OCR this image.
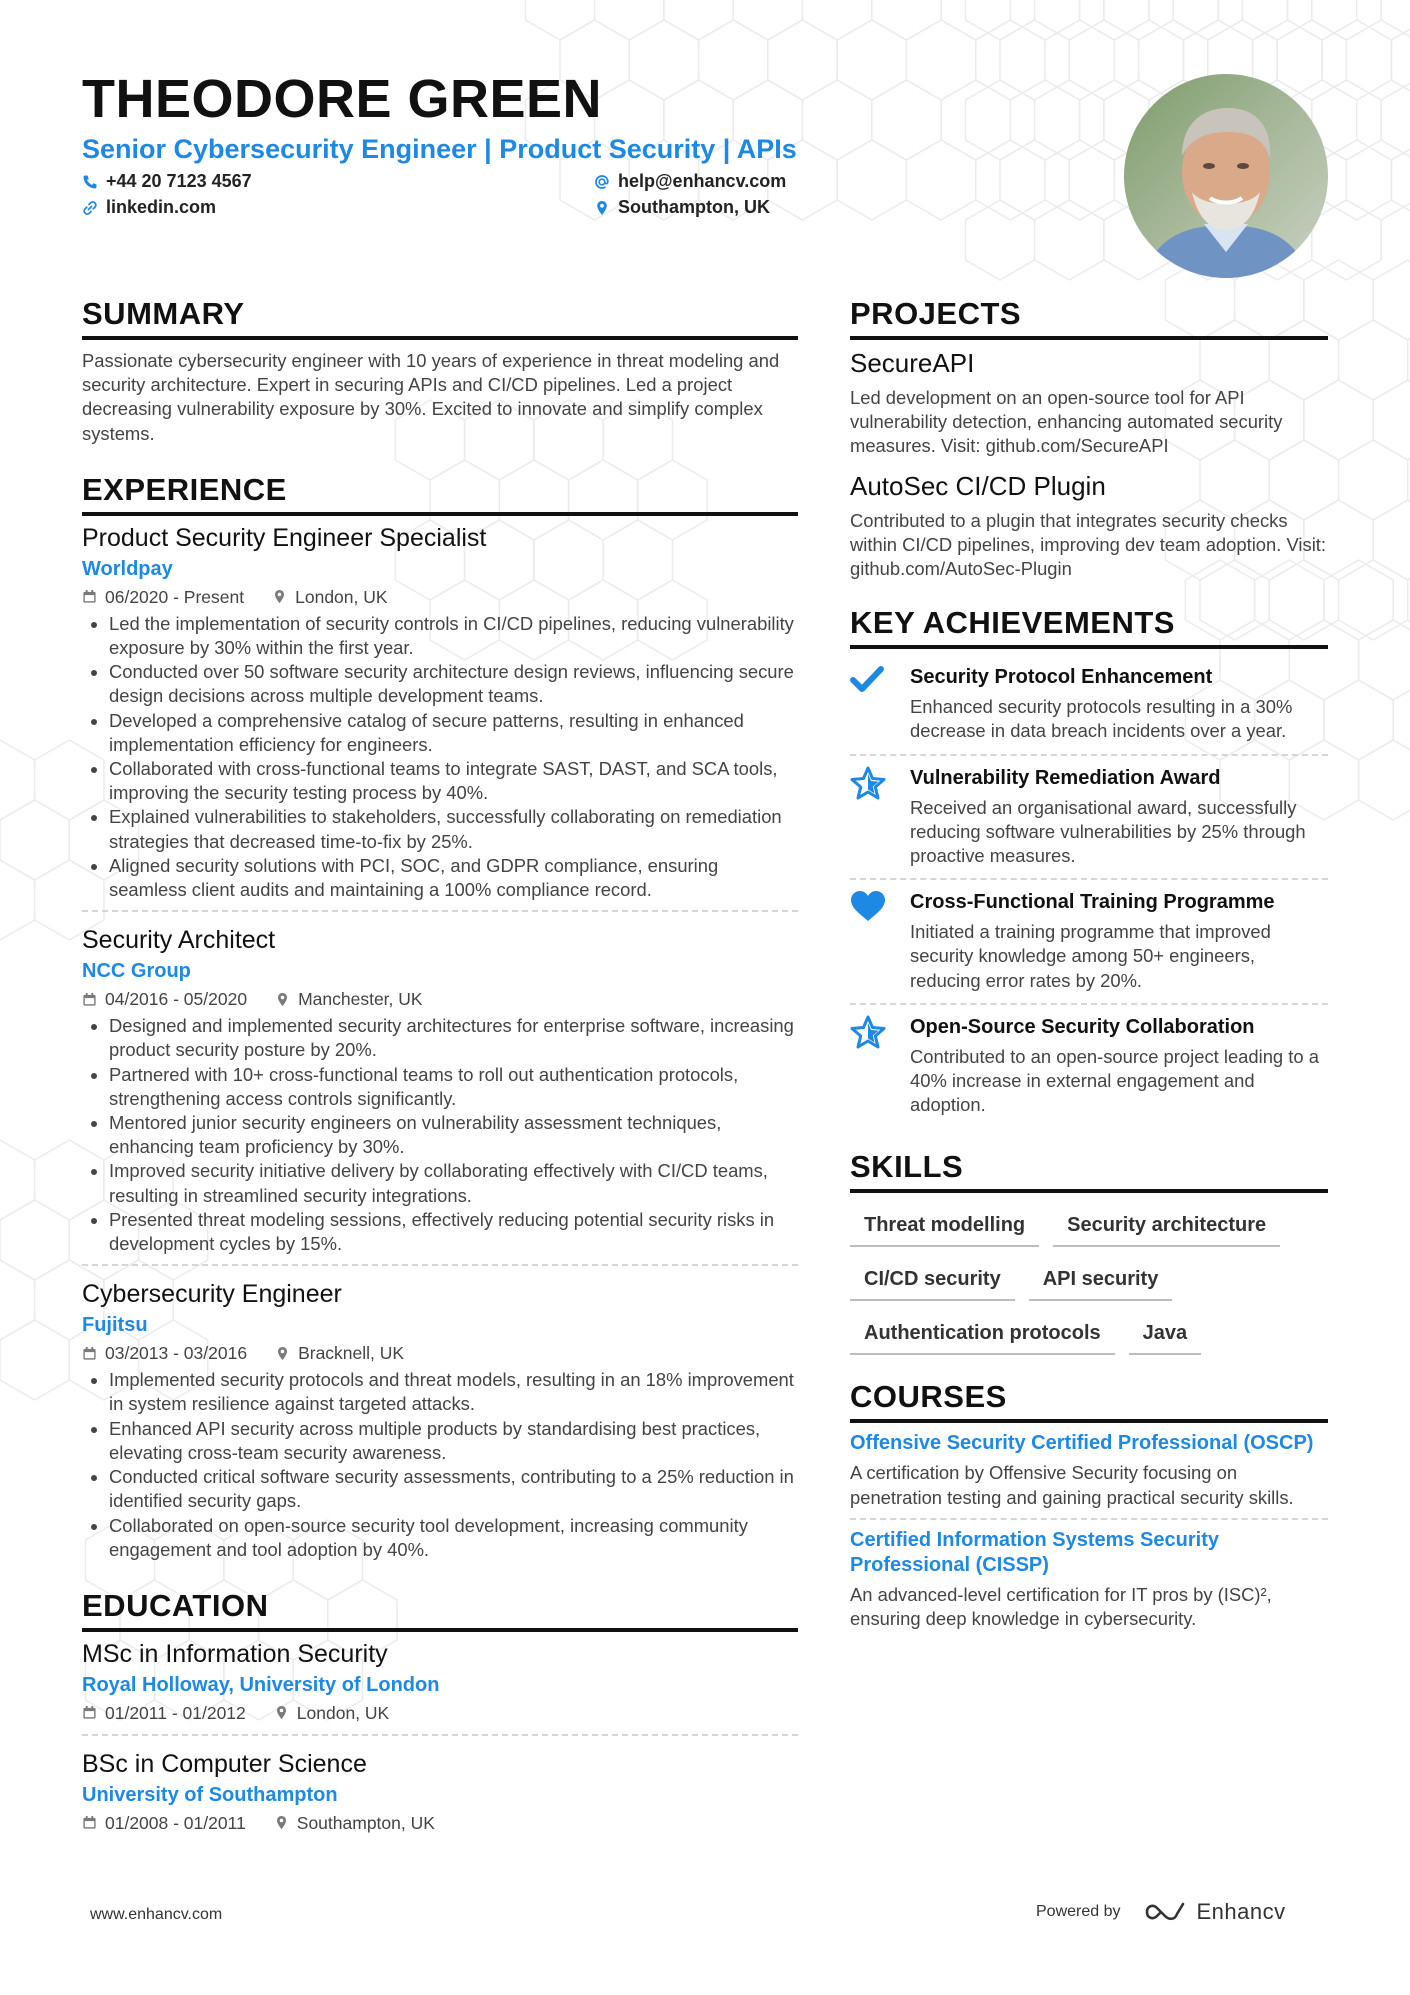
THEODORE GREEN
Senior Cybersecurity Engineer | Product Security | APIs
+44 20 7123 4567
linkedin.com
help@enhancv.com
Southampton, UK
SUMMARY

Passionate cybersecurity engineer with 10 years of experience in threat modeling and security architecture. Expert in securing APIs and CI/CD pipelines. Led a project decreasing vulnerability exposure by 30%. Excited to innovate and simplify complex systems.

EXPERIENCE
Product Security Engineer Specialist
Worldpay
06/2020 - Present	London, UK
• Led the implementation of security controls in CI/CD pipelines, reducing vulnerability exposure by 30% within the first year.
• Conducted over 50 software security architecture design reviews, influencing secure design decisions across multiple development teams.
• Developed a comprehensive catalog of secure patterns, resulting in enhanced implementation efficiency for engineers.
• Collaborated with cross-functional teams to integrate SAST, DAST, and SCA tools, improving the security testing process by 40%.
• Explained vulnerabilities to stakeholders, successfully collaborating on remediation strategies that decreased time-to-fix by 25%.
• Aligned security solutions with PCI, SOC, and GDPR compliance, ensuring seamless client audits and maintaining a 100% compliance record.
Security Architect
NCC Group
04/2016 - 05/2020	Manchester, UK
• Designed and implemented security architectures for enterprise software, increasing product security posture by 20%.
• Partnered with 10+ cross-functional teams to roll out authentication protocols, strengthening access controls significantly.
• Mentored junior security engineers on vulnerability assessment techniques, enhancing team proficiency by 30%.
• Improved security initiative delivery by collaborating effectively with CI/CD teams, resulting in streamlined security integrations.
• Presented threat modeling sessions, effectively reducing potential security risks in development cycles by 15%.
Cybersecurity Engineer
Fujitsu
03/2013 - 03/2016	Bracknell, UK
• Implemented security protocols and threat models, resulting in an 18% improvement in system resilience against targeted attacks.
• Enhanced API security across multiple products by standardising best practices, elevating cross-team security awareness.
• Conducted critical software security assessments, contributing to a 25% reduction in identified security gaps.
• Collaborated on open-source security tool development, increasing community engagement and tool adoption by 40%.
EDUCATION
MSc in Information Security
Royal Holloway, University of London
01/2011 - 01/2012	London, UK
BSc in Computer Science
University of Southampton
01/2008 - 01/2011	Southampton, UK
PROJECTS
SecureAPI

Led development on an open-source tool for API vulnerability detection, enhancing automated security measures. Visit: github.com/SecureAPI

AutoSec CI/CD Plugin

Contributed to a plugin that integrates security checks within CI/CD pipelines, improving dev team adoption. Visit: github.com/AutoSec-Plugin

KEY ACHIEVEMENTS
Security Protocol Enhancement

Enhanced security protocols resulting in a 30% decrease in data breach incidents over a year.

Vulnerability Remediation Award

Received an organisational award, successfully reducing software vulnerabilities by 25% through proactive measures.

Cross-Functional Training Programme

Initiated a training programme that improved security knowledge among 50+ engineers, reducing error rates by 20%.

Open-Source Security Collaboration

Contributed to an open-source project leading to a 40% increase in external engagement and adoption.

SKILLS
Threat modelling	Security architecture
CI/CD security	API security
Authentication protocols	Java
COURSES
Offensive Security Certified Professional (OSCP)

A certification by Offensive Security focusing on penetration testing and gaining practical security skills.

Certified Information Systems Security Professional (CISSP)

An advanced-level certification for IT pros by (ISC)², ensuring deep knowledge in cybersecurity.

www.enhancv.com	Powered by	Enhancv
